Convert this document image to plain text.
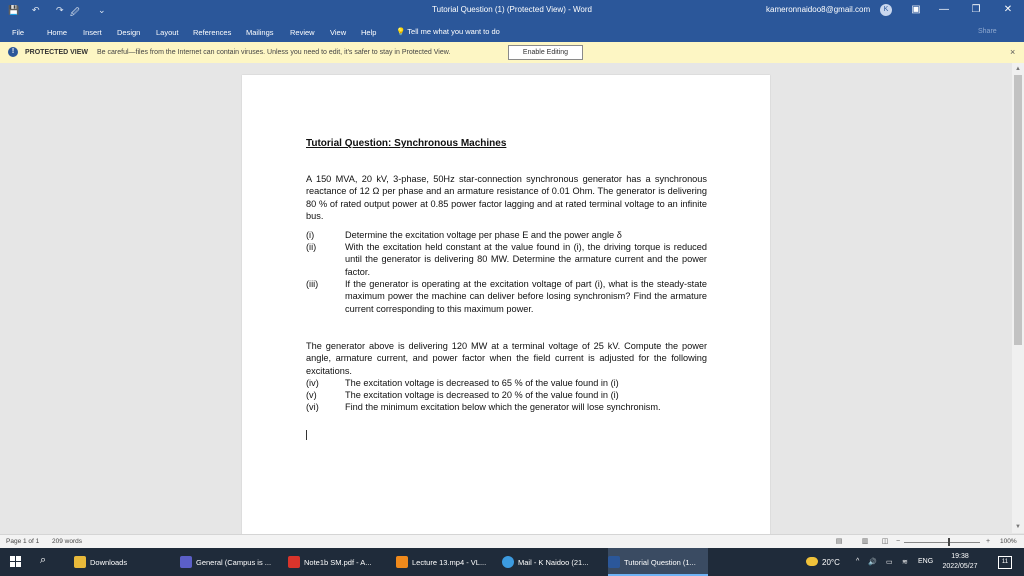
💾 ↶ ↷ 🖉 ⌄	Tutorial Question (1) (Protected View) - Word	kameronnaidoo8@gmail.com	K	▣	—	❐	✕
File	Home Insert Design Layout References Mailings Review View Help	💡 Tell me what you want to do	Share
!	PROTECTED VIEW Be careful—files from the Internet can contain viruses. Unless you need to edit, it's safer to stay in Protected View.	Enable Editing	×
Tutorial Question: Synchronous Machines
A 150 MVA, 20 kV, 3-phase, 50Hz star-connection synchronous generator has a synchronous reactance of 12 Ω per phase and an armature resistance of 0.01 Ohm. The generator is delivering 80 % of rated output power at 0.85 power factor lagging and at rated terminal voltage to an infinite bus.
(i)	Determine the excitation voltage per phase E and the power angle δ
(ii)	With the excitation held constant at the value found in (i), the driving torque is reduced until the generator is delivering 80 MW. Determine the armature current and the power factor.
(iii)	If the generator is operating at the excitation voltage of part (i), what is the steady-state maximum power the machine can deliver before losing synchronism? Find the armature current corresponding to this maximum power.
The generator above is delivering 120 MW at a terminal voltage of 25 kV. Compute the power angle, armature current, and power factor when the field current is adjusted for the following excitations.
(iv)	The excitation voltage is decreased to 65 % of the value found in (i)
(v)	The excitation voltage is decreased to 20 % of the value found in (i)
(vi)	Find the minimum excitation below which the generator will lose synchronism.
▲
▼
Page 1 of 1 209 words	▤	▥ ◫	−	+	100%
⌕	Downloads	General (Campus is ...	Note1b SM.pdf - A...	Lecture 13.mp4 - VL...	Mail - K Naidoo (21...	Tutorial Question (1...	20°C ^ 🔊 ▭ ≋ ENG
19:38
2022/05/27
11
